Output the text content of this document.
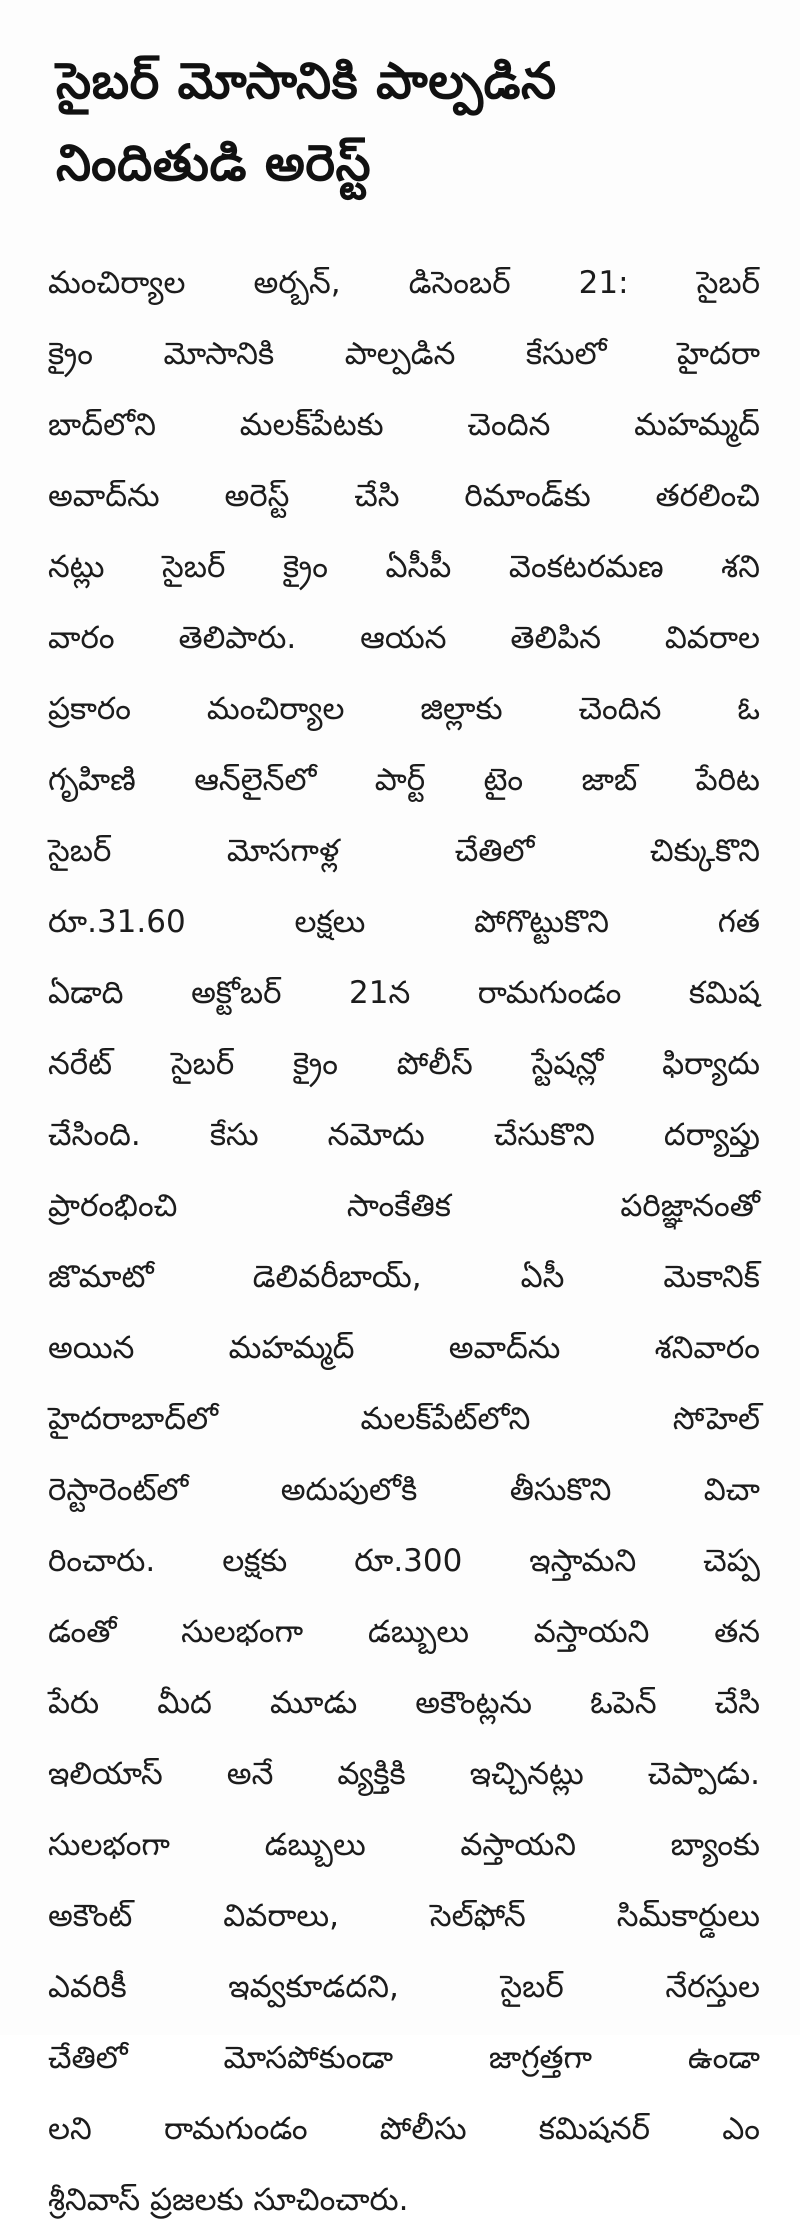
సైబర్ మోసానికి పాల్పడిన
నిందితుడి అరెస్ట్
మంచిర్యాల అర్బన్, డిసెంబర్ 21: సైబర్
క్రైం మోసానికి పాల్పడిన కేసులో హైదరా
బాద్‌లోని మలక్‌పేటకు చెందిన మహమ్మద్
అవాద్‌ను అరెస్ట్ చేసి రిమాండ్‌కు తరలించి
నట్లు సైబర్ క్రైం ఏసీపీ వెంకటరమణ శని
వారం తెలిపారు. ఆయన తెలిపిన వివరాల
ప్రకారం మంచిర్యాల జిల్లాకు చెందిన ఓ
గృహిణి ఆన్‌లైన్‌లో పార్ట్ టైం జాబ్ పేరిట
సైబర్ మోసగాళ్ల చేతిలో చిక్కుకొని
రూ.31.60 లక్షలు పోగొట్టుకొని గత
ఏడాది అక్టోబర్ 21న రామగుండం కమిష
నరేట్ సైబర్ క్రైం పోలీస్ స్టేషన్లో ఫిర్యాదు
చేసింది. కేసు నమోదు చేసుకొని దర్యాప్తు
ప్రారంభించి సాంకేతిక పరిజ్ఞానంతో
జొమాటో డెలివరీబాయ్, ఏసీ మెకానిక్
అయిన మహమ్మద్ అవాద్‌ను శనివారం
హైదరాబాద్‌లో మలక్‌పేట్‌లోని సోహెల్
రెస్టారెంట్‌లో అదుపులోకి తీసుకొని విచా
రించారు. లక్షకు రూ.300 ఇస్తామని చెప్ప
డంతో సులభంగా డబ్బులు వస్తాయని తన
పేరు మీద మూడు అకౌంట్లను ఓపెన్ చేసి
ఇలియాస్ అనే వ్యక్తికి ఇచ్చినట్లు చెప్పాడు.
సులభంగా డబ్బులు వస్తాయని బ్యాంకు
అకౌంట్ వివరాలు, సెల్‌ఫోన్ సిమ్‌కార్డులు
ఎవరికీ ఇవ్వకూడదని, సైబర్ నేరస్తుల
చేతిలో మోసపోకుండా జాగ్రత్తగా ఉండా
లని రామగుండం పోలీసు కమిషనర్ ఎం
శ్రీనివాస్ ప్రజలకు సూచించారు.
